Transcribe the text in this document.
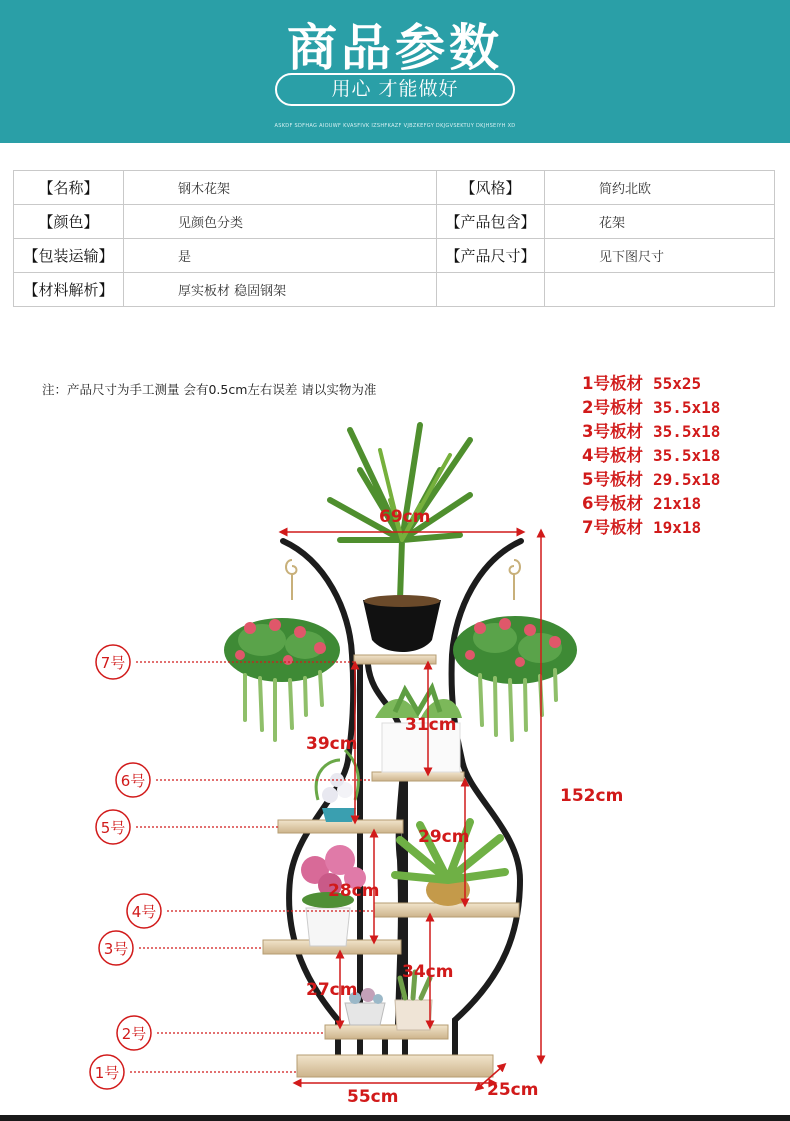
商品参数
用心 才能做好
ASKDF SDFHAG AIOUWF KVASFIVK IZSHFKAZF VJBZKEFGY DKJGVSEKTUY DKJHSEIYH XD
【名称】	钢木花架	【风格】	简约北欧
【颜色】	见颜色分类	【产品包含】	花架
【包装运输】	是	【产品尺寸】	见下图尺寸
【材料解析】	厚实板材 稳固钢架		
注：产品尺寸为手工测量 会有0.5cm左右误差 请以实物为准	1号板材 55x25
2号板材 35.5x18
3号板材 35.5x18
4号板材 35.5x18
5号板材 29.5x18
6号板材 21x18
7号板材 19x18
69cm
152cm
31cm
39cm
29cm
28cm
34cm
27cm
55cm	25cm
7号
6号
5号
4号
3号
2号
1号
